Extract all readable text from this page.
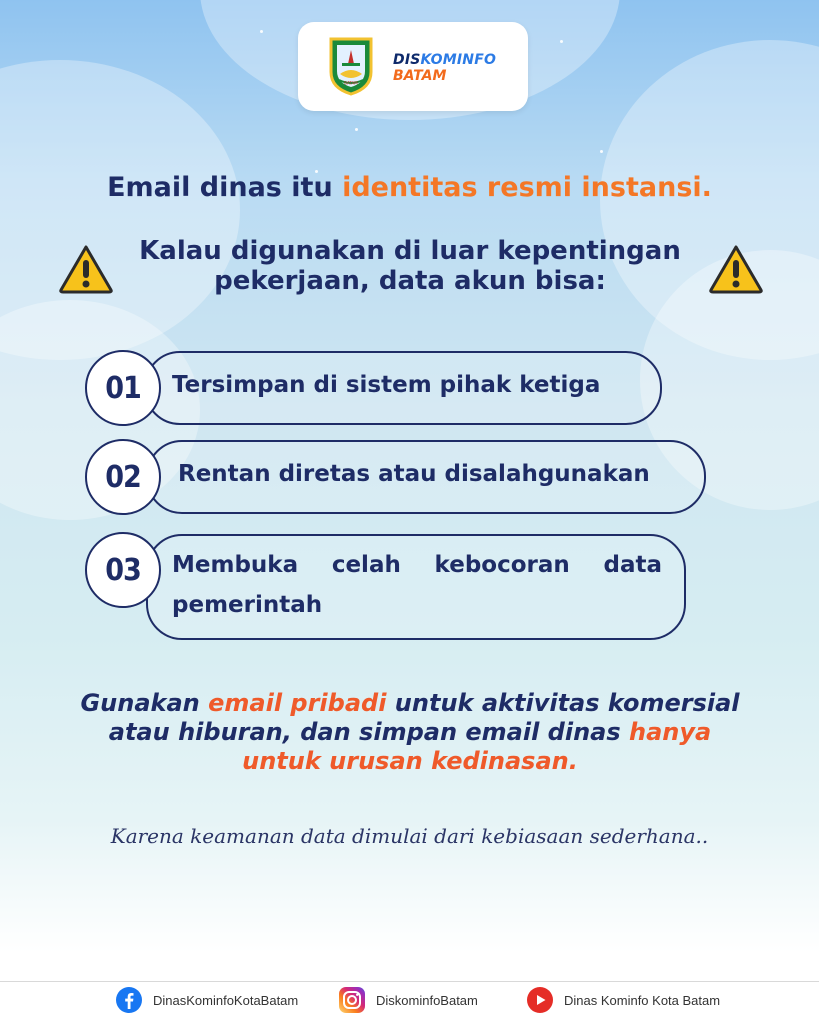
BATAM
DISKOMINFO
BATAM
Email dinas itu identitas resmi instansi.
Kalau digunakan di luar kepentingan
pekerjaan, data akun bisa:
Tersimpan di sistem pihak ketiga
01
Rentan diretas atau disalahgunakan
02
Membuka celah kebocoran data pemerintah
03
Gunakan email pribadi untuk aktivitas komersial atau hiburan, dan simpan email dinas hanya untuk urusan kedinasan.
Karena keamanan data dimulai dari kebiasaan sederhana..
DinasKominfoKotaBatam	DiskominfoBatam	Dinas Kominfo Kota Batam
